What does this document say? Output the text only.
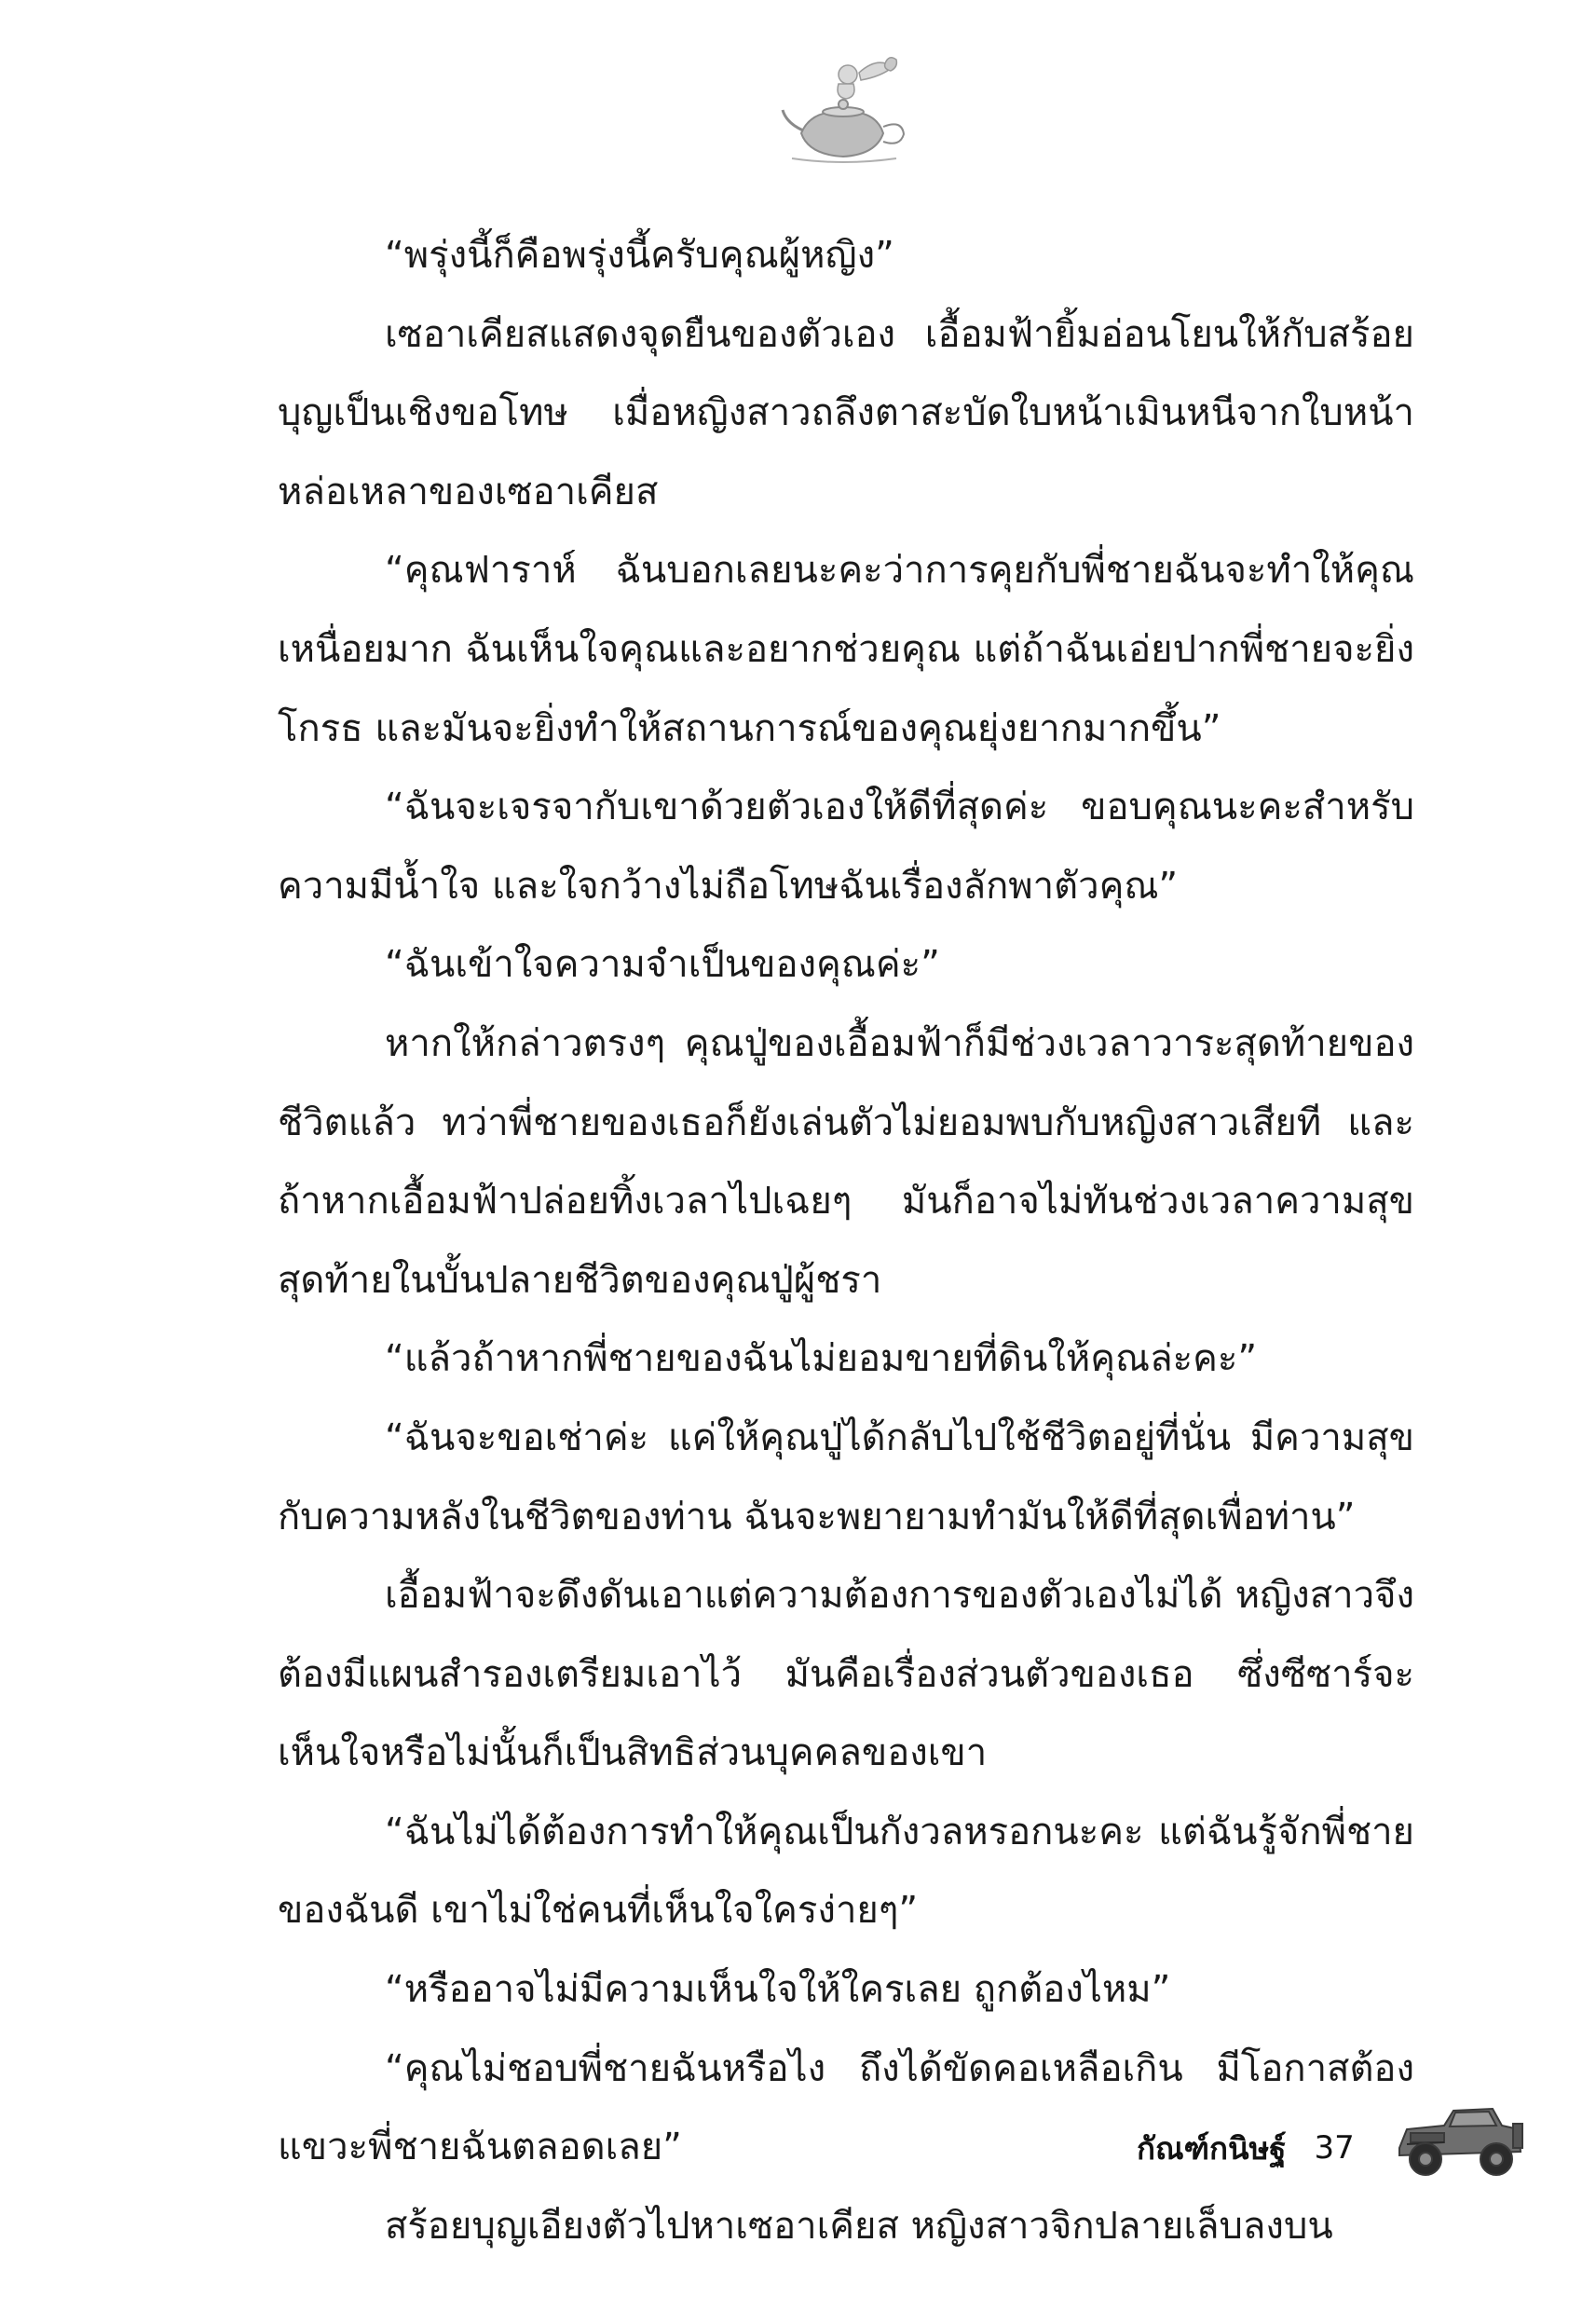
“พรุ่งนี้ก็คือพรุ่งนี้ครับคุณผู้หญิง”

เซอาเคียสแสดงจุดยืนของตัวเอง เอื้อมฟ้ายิ้มอ่อนโยนให้กับสร้อยบุญเป็นเชิงขอโทษ เมื่อหญิงสาวถลึงตาสะบัดใบหน้าเมินหนีจากใบหน้าหล่อเหลาของเซอาเคียส

“คุณฟาราห์ ฉันบอกเลยนะคะว่าการคุยกับพี่ชายฉันจะทำให้คุณเหนื่อยมาก ฉันเห็นใจคุณและอยากช่วยคุณ แต่ถ้าฉันเอ่ยปากพี่ชายจะยิ่งโกรธ และมันจะยิ่งทำให้สถานการณ์ของคุณยุ่งยากมากขึ้น”

“ฉันจะเจรจากับเขาด้วยตัวเองให้ดีที่สุดค่ะ ขอบคุณนะคะสำหรับความมีน้ำใจ และใจกว้างไม่ถือโทษฉันเรื่องลักพาตัวคุณ”

“ฉันเข้าใจความจำเป็นของคุณค่ะ”

หากให้กล่าวตรงๆ คุณปู่ของเอื้อมฟ้าก็มีช่วงเวลาวาระสุดท้ายของชีวิตแล้ว ทว่าพี่ชายของเธอก็ยังเล่นตัวไม่ยอมพบกับหญิงสาวเสียที และถ้าหากเอื้อมฟ้าปล่อยทิ้งเวลาไปเฉยๆ มันก็อาจไม่ทันช่วงเวลาความสุขสุดท้ายในบั้นปลายชีวิตของคุณปู่ผู้ชรา

“แล้วถ้าหากพี่ชายของฉันไม่ยอมขายที่ดินให้คุณล่ะคะ”

“ฉันจะขอเช่าค่ะ แค่ให้คุณปู่ได้กลับไปใช้ชีวิตอยู่ที่นั่น มีความสุขกับความหลังในชีวิตของท่าน ฉันจะพยายามทำมันให้ดีที่สุดเพื่อท่าน”

เอื้อมฟ้าจะดึงดันเอาแต่ความต้องการของตัวเองไม่ได้ หญิงสาวจึงต้องมีแผนสำรองเตรียมเอาไว้ มันคือเรื่องส่วนตัวของเธอ ซึ่งซีซาร์จะเห็นใจหรือไม่นั้นก็เป็นสิทธิส่วนบุคคลของเขา

“ฉันไม่ได้ต้องการทำให้คุณเป็นกังวลหรอกนะคะ แต่ฉันรู้จักพี่ชายของฉันดี เขาไม่ใช่คนที่เห็นใจใครง่ายๆ”

“หรืออาจไม่มีความเห็นใจให้ใครเลย ถูกต้องไหม”

“คุณไม่ชอบพี่ชายฉันหรือไง ถึงได้ขัดคอเหลือเกิน มีโอกาสต้องแขวะพี่ชายฉันตลอดเลย”

สร้อยบุญเอียงตัวไปหาเซอาเคียส หญิงสาวจิกปลายเล็บลงบน

กัณฑ์กนิษฐ์ 37
